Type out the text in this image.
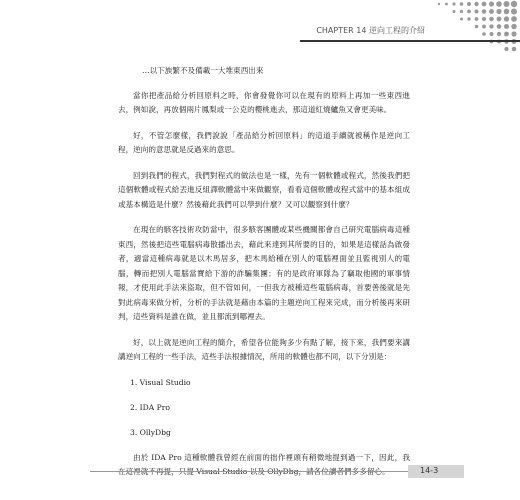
CHAPTER 14 逆向工程的介紹

…以下族繁不及備載一大堆東西出來

當你把產品給分析回原料之時，你會發覺你可以在現有的原料上再加一些東西進去，例如說，再放個兩片鳳梨或一公克的櫻桃進去，那這道紅燒鱸魚又會更美味。

好，不管怎麼樣，我們說說「產品給分析回原料」的這道手續就被稱作是逆向工程，逆向的意思就是反過來的意思。

回到我們的程式，我們對程式的做法也是一樣，先有一個軟體或程式，然後我們把這個軟體或程式給丟進反組譯軟體當中來做觀察，看看這個軟體或程式當中的基本組成或基本構造是什麼？然後藉此我們可以學到什麼？又可以觀察到什麼？

在現在的駭客技術攻防當中，很多駭客團體或某些機關都會自己研究電腦病毒這種東西，然後把這些電腦病毒散播出去，藉此來達到其所要的目的，如果是這樣話為啟發者，適當這種病毒就是以木馬居多，把木馬給種在別人的電腦裡面並且監視別人的電腦，轉而把別人電腦當寶給下游的詐騙集團；有的是政府軍隊為了竊取他國的軍事情報，才使用此手法來盜取，但不管如何，一但我方被種這些電腦病毒，首要善後就是先對此病毒來做分析，分析的手法就是藉由本篇的主題逆向工程來完成，而分析後再來研判，這些資料是誰在做，並且都流到哪裡去。

好，以上就是逆向工程的簡介，希望各位能夠多少有點了解，接下來，我們要來講講逆向工程的一些手法，這些手法根據情況，所用的軟體也都不同，以下分別是：

1. Visual Studio
2. IDA Pro
3. OllyDbg

由於 IDA Pro 這種軟體我曾經在前面的拙作裡頭有稍微地提到過一下，因此，我

14-3
